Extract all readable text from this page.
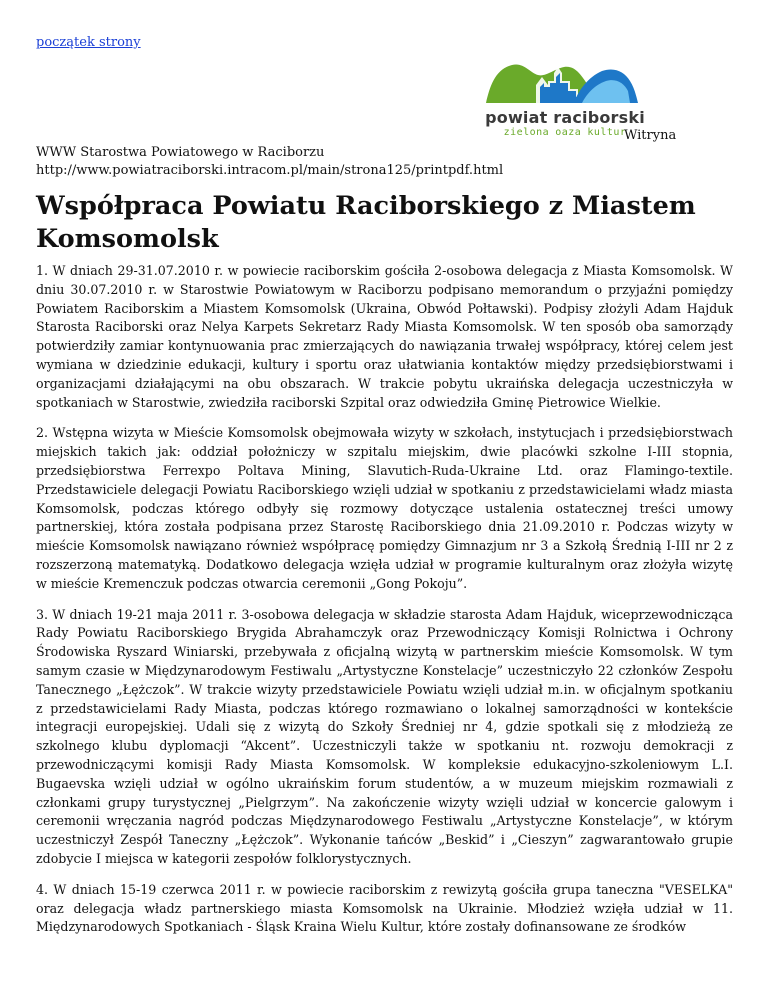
początek strony
powiat raciborski
zielona oaza kultur
Witryna
WWW Starostwa Powiatowego w Raciborzu
http://www.powiatraciborski.intracom.pl/main/strona125/printpdf.html
Współpraca Powiatu Raciborskiego z Miastem Komsomolsk

1. W dniach 29-31.07.2010 r. w powiecie raciborskim gościła 2-osobowa delegacja z Miasta Komsomolsk. W dniu 30.07.2010 r. w Starostwie Powiatowym w Raciborzu podpisano memorandum o przyjaźni pomiędzy Powiatem Raciborskim a Miastem Komsomolsk (Ukraina, Obwód Połtawski). Podpisy złożyli Adam Hajduk Starosta Raciborski oraz Nelya Karpets Sekretarz Rady Miasta Komsomolsk. W ten sposób oba samorządy potwierdziły zamiar kontynuowania prac zmierzających do nawiązania trwałej współpracy, której celem jest wymiana w dziedzinie edukacji, kultury i sportu oraz ułatwiania kontaktów między przedsiębiorstwami i organizacjami działającymi na obu obszarach. W trakcie pobytu ukraińska delegacja uczestniczyła w spotkaniach w Starostwie, zwiedziła raciborski Szpital oraz odwiedziła Gminę Pietrowice Wielkie.

2. Wstępna wizyta w Mieście Komsomolsk obejmowała wizyty w szkołach, instytucjach i przedsiębiorstwach miejskich takich jak: oddział położniczy w szpitalu miejskim, dwie placówki szkolne I-III stopnia, przedsiębiorstwa Ferrexpo Poltava Mining, Slavutich-Ruda-Ukraine Ltd. oraz Flamingo-textile. Przedstawiciele delegacji Powiatu Raciborskiego wzięli udział w spotkaniu z przedstawicielami władz miasta Komsomolsk, podczas którego odbyły się rozmowy dotyczące ustalenia ostatecznej treści umowy partnerskiej, która została podpisana przez Starostę Raciborskiego dnia 21.09.2010 r. Podczas wizyty w mieście Komsomolsk nawiązano również współpracę pomiędzy Gimnazjum nr 3 a Szkołą Średnią I-III nr 2 z rozszerzoną matematyką. Dodatkowo delegacja wzięła udział w programie kulturalnym oraz złożyła wizytę w mieście Kremenczuk podczas otwarcia ceremonii „Gong Pokoju”.

3. W dniach 19-21 maja 2011 r. 3-osobowa delegacja w składzie starosta Adam Hajduk, wiceprzewodnicząca Rady Powiatu Raciborskiego Brygida Abrahamczyk oraz Przewodniczący Komisji Rolnictwa i Ochrony Środowiska Ryszard Winiarski, przebywała z oficjalną wizytą w partnerskim mieście Komsomolsk. W tym samym czasie w Międzynarodowym Festiwalu „Artystyczne Konstelacje” uczestniczyło 22 członków Zespołu Tanecznego „Łężczok”. W trakcie wizyty przedstawiciele Powiatu wzięli udział m.in. w oficjalnym spotkaniu z przedstawicielami Rady Miasta, podczas którego rozmawiano o lokalnej samorządności w kontekście integracji europejskiej. Udali się z wizytą do Szkoły Średniej nr 4, gdzie spotkali się z młodzieżą ze szkolnego klubu dyplomacji “Akcent”. Uczestniczyli także w spotkaniu nt. rozwoju demokracji z przewodniczącymi komisji Rady Miasta Komsomolsk. W kompleksie edukacyjno-szkoleniowym L.I. Bugaevska wzięli udział w ogólno ukraińskim forum studentów, a w muzeum miejskim rozmawiali z członkami grupy turystycznej „Pielgrzym”. Na zakończenie wizyty wzięli udział w koncercie galowym i ceremonii wręczania nagród podczas Międzynarodowego Festiwalu „Artystyczne Konstelacje”, w którym uczestniczył Zespół Taneczny „Łężczok”. Wykonanie tańców „Beskid” i „Cieszyn” zagwarantowało grupie zdobycie I miejsca w kategorii zespołów folklorystycznych.

4. W dniach 15-19 czerwca 2011 r. w powiecie raciborskim z rewizytą gościła grupa taneczna "VESELKA" oraz delegacja władz partnerskiego miasta Komsomolsk na Ukrainie. Młodzież wzięła udział w 11. Międzynarodowych Spotkaniach - Śląsk Kraina Wielu Kultur, które zostały dofinansowane ze środków
